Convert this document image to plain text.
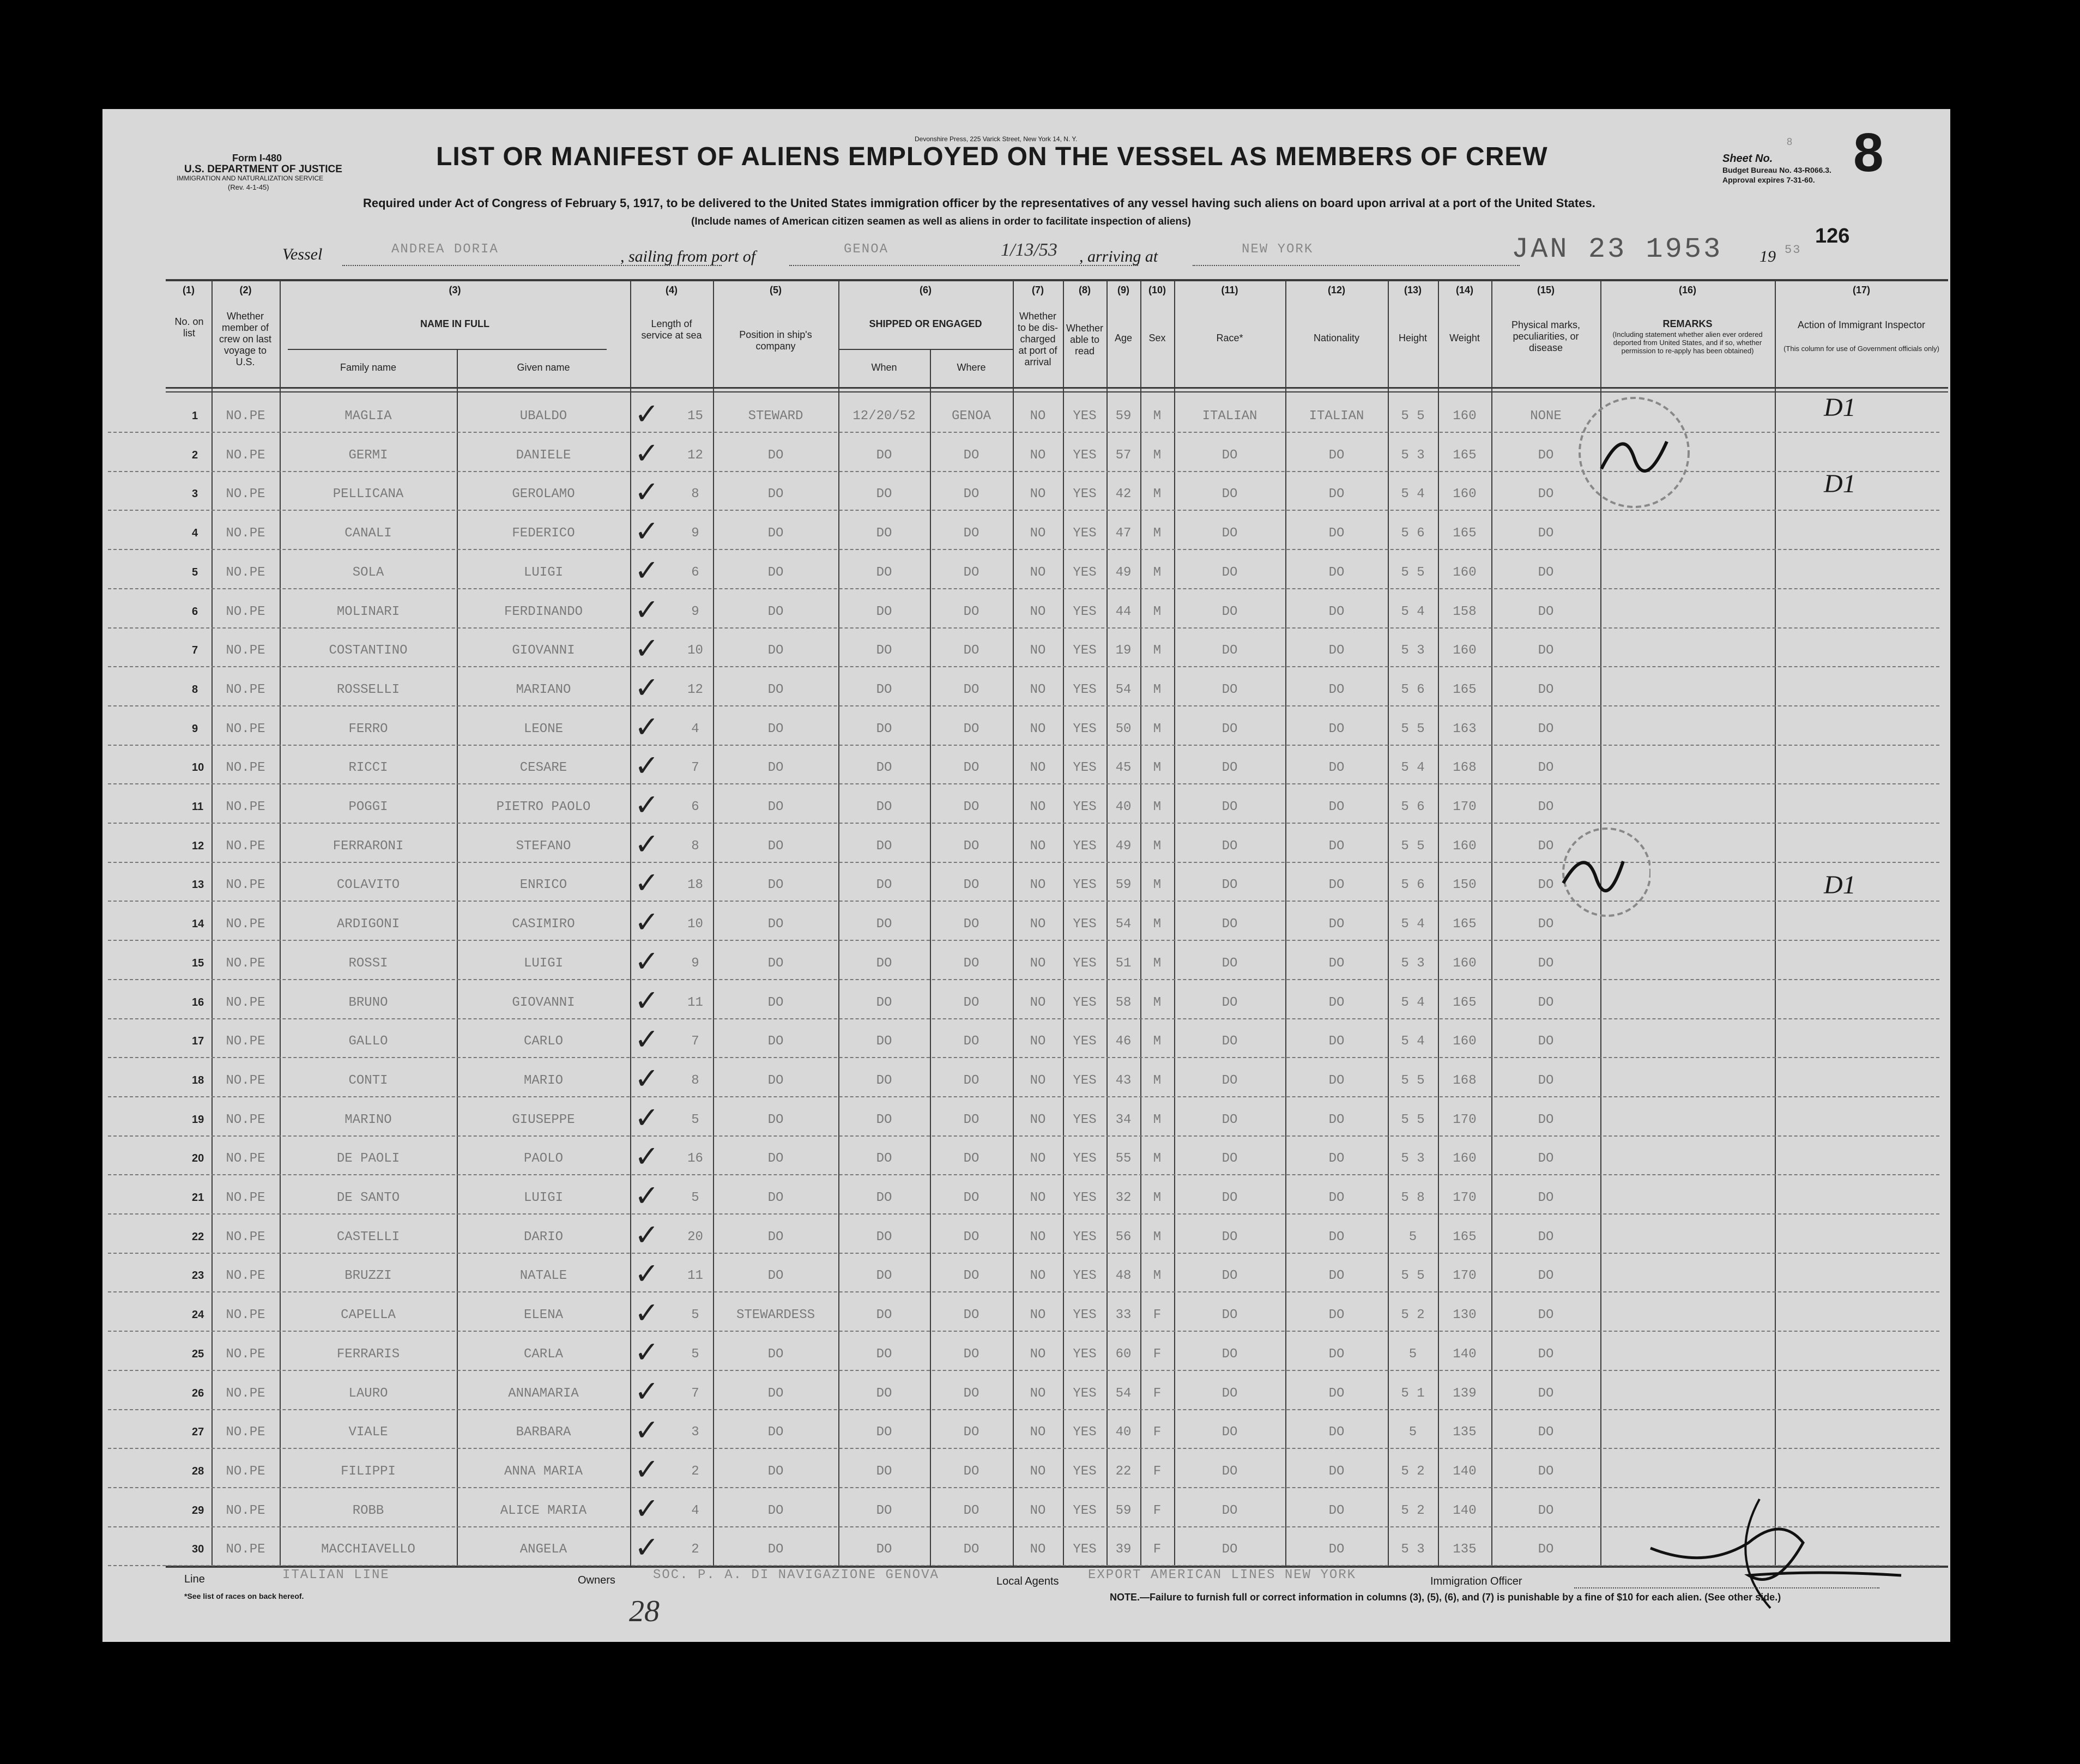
Form I-480
U.S. DEPARTMENT OF JUSTICE
IMMIGRATION AND NATURALIZATION SERVICE
(Rev. 4-1-45)
Devonshire Press, 225 Varick Street, New York 14, N. Y.
LIST OR MANIFEST OF ALIENS EMPLOYED ON THE VESSEL AS MEMBERS OF CREW	Sheet No.
8 8
Budget Bureau No. 43-R066.3.
Approval expires 7-31-60.
Required under Act of Congress of February 5, 1917, to be delivered to the United States immigration officer by the representatives of any vessel having such aliens on board upon arrival at a port of the United States.
(Include names of American citizen seamen as well as aliens in order to facilitate inspection of aliens)
126
Vessel	ANDREA DORIA	, sailing from port of	GENOA	1/13/53 , arriving at	NEW YORK	JAN 23 1953 19 53
(1)	(2)	(3)	(4)	(5)	(6)	(7)	(8)	(9)	(10)	(11)	(12)	(13)	(14)	(15)	(16)	(17)
No. on list
Whether member of crew on last voyage to U.S.
NAME IN FULL
Family name	Given name
Length of service at sea	Position in ship's company
SHIPPED OR ENGAGED
When	Where
Whether to be dis-charged at port of arrival
Whether able to read
Age	Sex	Race*	Nationality	Height	Weight
Physical marks, peculiarities, or disease
REMARKS
(Including statement whether alien ever ordered deported from United States, and if so, whether permission to re-apply has been obtained)
Action of Immigrant Inspector
(This column for use of Government officials only)
1	NO.PE	MAGLIA	UBALDO	15	STEWARD	12/20/52	GENOA	NO	YES	59	M	ITALIAN	ITALIAN	5 5	160	NONE
✓
2	NO.PE	GERMI	DANIELE	12	DO	DO	DO	NO	YES	57	M	DO	DO	5 3	165	DO
✓
3	NO.PE	PELLICANA	GEROLAMO	8	DO	DO	DO	NO	YES	42	M	DO	DO	5 4	160	DO
✓
4	NO.PE	CANALI	FEDERICO	9	DO	DO	DO	NO	YES	47	M	DO	DO	5 6	165	DO
✓
5	NO.PE	SOLA	LUIGI	6	DO	DO	DO	NO	YES	49	M	DO	DO	5 5	160	DO
✓
6	NO.PE	MOLINARI	FERDINANDO	9	DO	DO	DO	NO	YES	44	M	DO	DO	5 4	158	DO
✓
7	NO.PE	COSTANTINO	GIOVANNI	10	DO	DO	DO	NO	YES	19	M	DO	DO	5 3	160	DO
✓
8	NO.PE	ROSSELLI	MARIANO	12	DO	DO	DO	NO	YES	54	M	DO	DO	5 6	165	DO
✓
9	NO.PE	FERRO	LEONE	4	DO	DO	DO	NO	YES	50	M	DO	DO	5 5	163	DO
✓
10	NO.PE	RICCI	CESARE	7	DO	DO	DO	NO	YES	45	M	DO	DO	5 4	168	DO
✓
11	NO.PE	POGGI	PIETRO PAOLO	6	DO	DO	DO	NO	YES	40	M	DO	DO	5 6	170	DO
✓
12	NO.PE	FERRARONI	STEFANO	8	DO	DO	DO	NO	YES	49	M	DO	DO	5 5	160	DO
✓
13	NO.PE	COLAVITO	ENRICO	18	DO	DO	DO	NO	YES	59	M	DO	DO	5 6	150	DO
✓
14	NO.PE	ARDIGONI	CASIMIRO	10	DO	DO	DO	NO	YES	54	M	DO	DO	5 4	165	DO
✓
15	NO.PE	ROSSI	LUIGI	9	DO	DO	DO	NO	YES	51	M	DO	DO	5 3	160	DO
✓
16	NO.PE	BRUNO	GIOVANNI	11	DO	DO	DO	NO	YES	58	M	DO	DO	5 4	165	DO
✓
17	NO.PE	GALLO	CARLO	7	DO	DO	DO	NO	YES	46	M	DO	DO	5 4	160	DO
✓
18	NO.PE	CONTI	MARIO	8	DO	DO	DO	NO	YES	43	M	DO	DO	5 5	168	DO
✓
19	NO.PE	MARINO	GIUSEPPE	5	DO	DO	DO	NO	YES	34	M	DO	DO	5 5	170	DO
✓
20	NO.PE	DE PAOLI	PAOLO	16	DO	DO	DO	NO	YES	55	M	DO	DO	5 3	160	DO
✓
21	NO.PE	DE SANTO	LUIGI	5	DO	DO	DO	NO	YES	32	M	DO	DO	5 8	170	DO
✓
22	NO.PE	CASTELLI	DARIO	20	DO	DO	DO	NO	YES	56	M	DO	DO	5	165	DO
✓
23	NO.PE	BRUZZI	NATALE	11	DO	DO	DO	NO	YES	48	M	DO	DO	5 5	170	DO
✓
24	NO.PE	CAPELLA	ELENA	5	STEWARDESS	DO	DO	NO	YES	33	F	DO	DO	5 2	130	DO
✓
25	NO.PE	FERRARIS	CARLA	5	DO	DO	DO	NO	YES	60	F	DO	DO	5	140	DO
✓
26	NO.PE	LAURO	ANNAMARIA	7	DO	DO	DO	NO	YES	54	F	DO	DO	5 1	139	DO
✓
27	NO.PE	VIALE	BARBARA	3	DO	DO	DO	NO	YES	40	F	DO	DO	5	135	DO
✓
28	NO.PE	FILIPPI	ANNA MARIA	2	DO	DO	DO	NO	YES	22	F	DO	DO	5 2	140	DO
✓
29	NO.PE	ROBB	ALICE MARIA	4	DO	DO	DO	NO	YES	59	F	DO	DO	5 2	140	DO
✓
30	NO.PE	MACCHIAVELLO	ANGELA	2	DO	DO	DO	NO	YES	39	F	DO	DO	5 3	135	DO
✓
D1
D1
D1
Line	ITALIAN LINE	Owners	SOC. P. A. DI NAVIGAZIONE GENOVA	Local Agents EXPORT AMERICAN LINES NEW YORK	Immigration Officer
*See list of races on back hereof.	NOTE.—Failure to furnish full or correct information in columns (3), (5), (6), and (7) is punishable by a fine of $10 for each alien. (See other side.)
28
